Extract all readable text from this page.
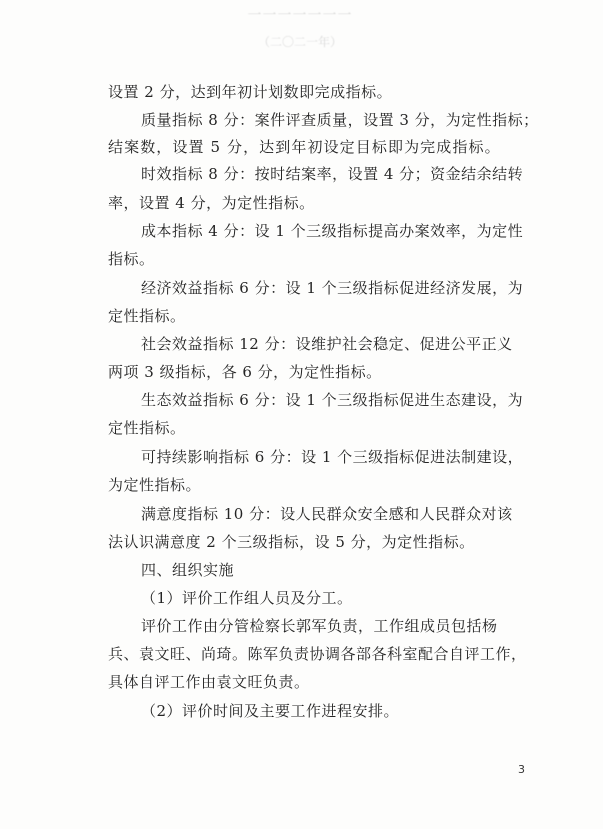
一一一一一一一
（二〇二一年）
设置 2 分，达到年初计划数即完成指标。
质量指标 8 分：案件评查质量，设置 3 分，为定性指标；
结案数，设置 5 分，达到年初设定目标即为完成指标。
时效指标 8 分：按时结案率，设置 4 分；资金结余结转
率，设置 4 分，为定性指标。
成本指标 4 分：设 1 个三级指标提高办案效率，为定性
指标。
经济效益指标 6 分：设 1 个三级指标促进经济发展，为
定性指标。
社会效益指标 12 分：设维护社会稳定、促进公平正义
两项 3 级指标，各 6 分，为定性指标。
生态效益指标 6 分：设 1 个三级指标促进生态建设，为
定性指标。
可持续影响指标 6 分：设 1 个三级指标促进法制建设，
为定性指标。
满意度指标 10 分：设人民群众安全感和人民群众对该
法认识满意度 2 个三级指标，设 5 分，为定性指标。
四、组织实施
（1）评价工作组人员及分工。
评价工作由分管检察长郭军负责，工作组成员包括杨
兵、袁文旺、尚琦。陈军负责协调各部各科室配合自评工作，
具体自评工作由袁文旺负责。
（2）评价时间及主要工作进程安排。
3
